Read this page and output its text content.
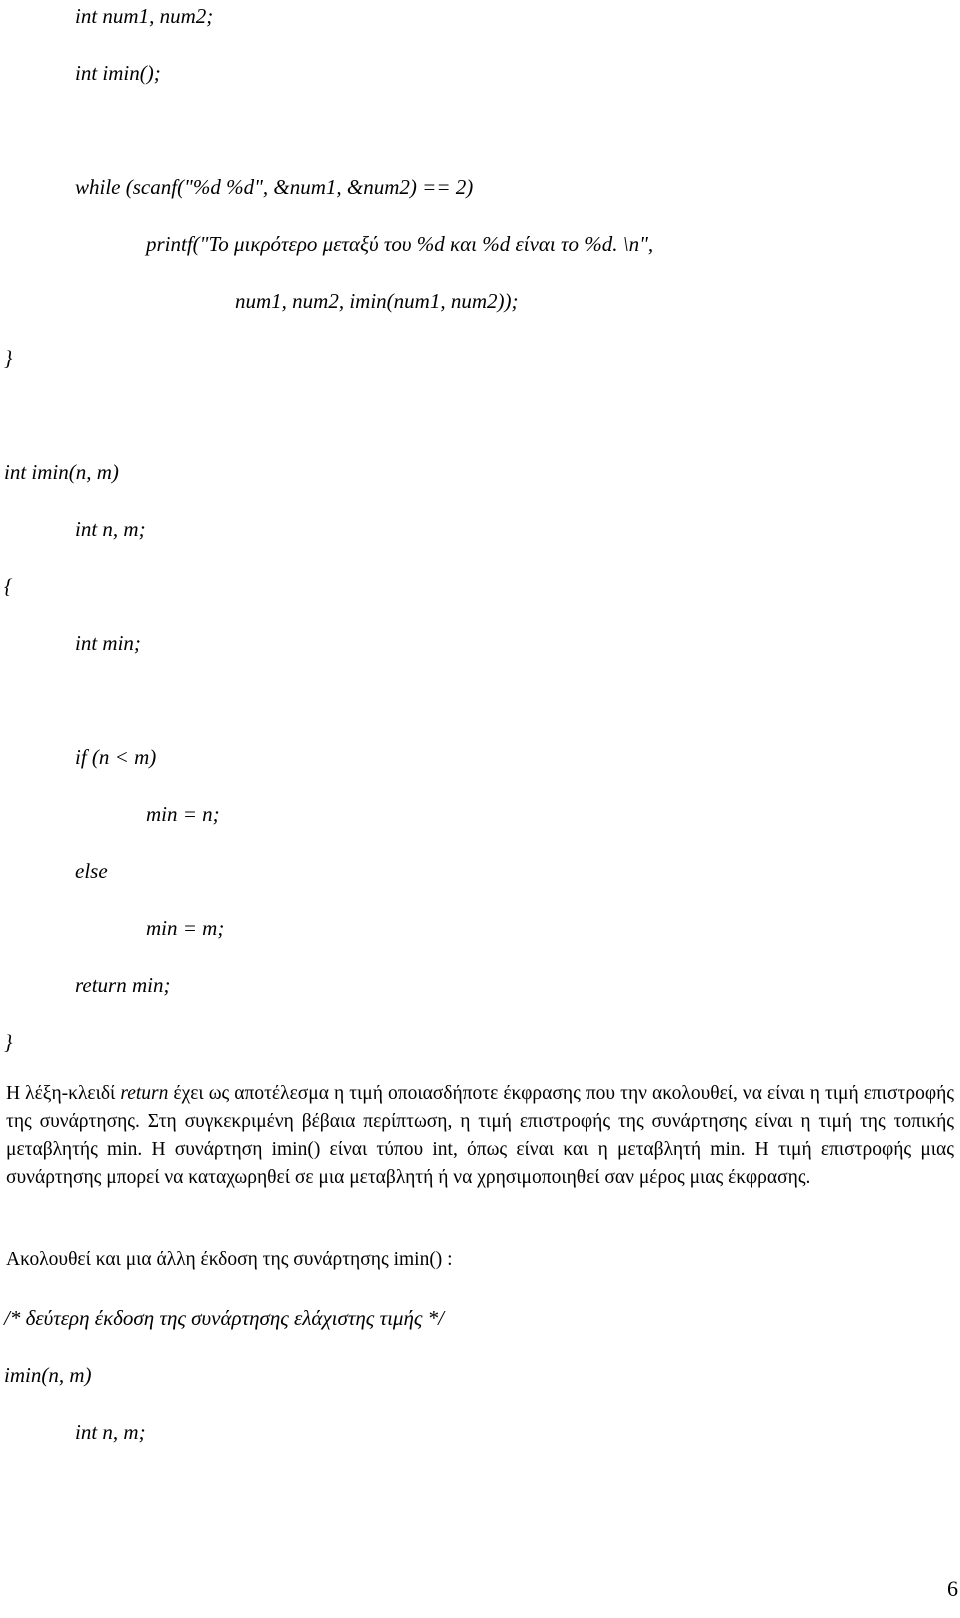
int num1, num2;
int imin();
while (scanf("%d %d", &num1, &num2) == 2)
printf("Το μικρότερο μεταξύ του %d και %d είναι το %d. \n",
num1, num2, imin(num1, num2));
}
int imin(n, m)
int n, m;
{
int min;
if (n < m)
min = n;
else
min = m;
return min;
}

Η λέξη-κλειδί return έχει ως αποτέλεσμα η τιμή οποιασδήποτε έκφρασης που την ακολουθεί, να είναι η τιμή επιστροφής της συνάρτησης. Στη συγκεκριμένη βέβαια περίπτωση, η τιμή επιστροφής της συνάρτησης είναι η τιμή της τοπικής μεταβλητής min. Η συνάρτηση imin() είναι τύπου int, όπως είναι και η μεταβλητή min. Η τιμή επιστροφής μιας συνάρτησης μπορεί να καταχωρηθεί σε μια μεταβλητή ή να χρησιμοποιηθεί σαν μέρος μιας έκφρασης.

Ακολουθεί και μια άλλη έκδοση της συνάρτησης imin() :

/* δεύτερη έκδοση της συνάρτησης ελάχιστης τιμής */
imin(n, m)
int n, m;
6
